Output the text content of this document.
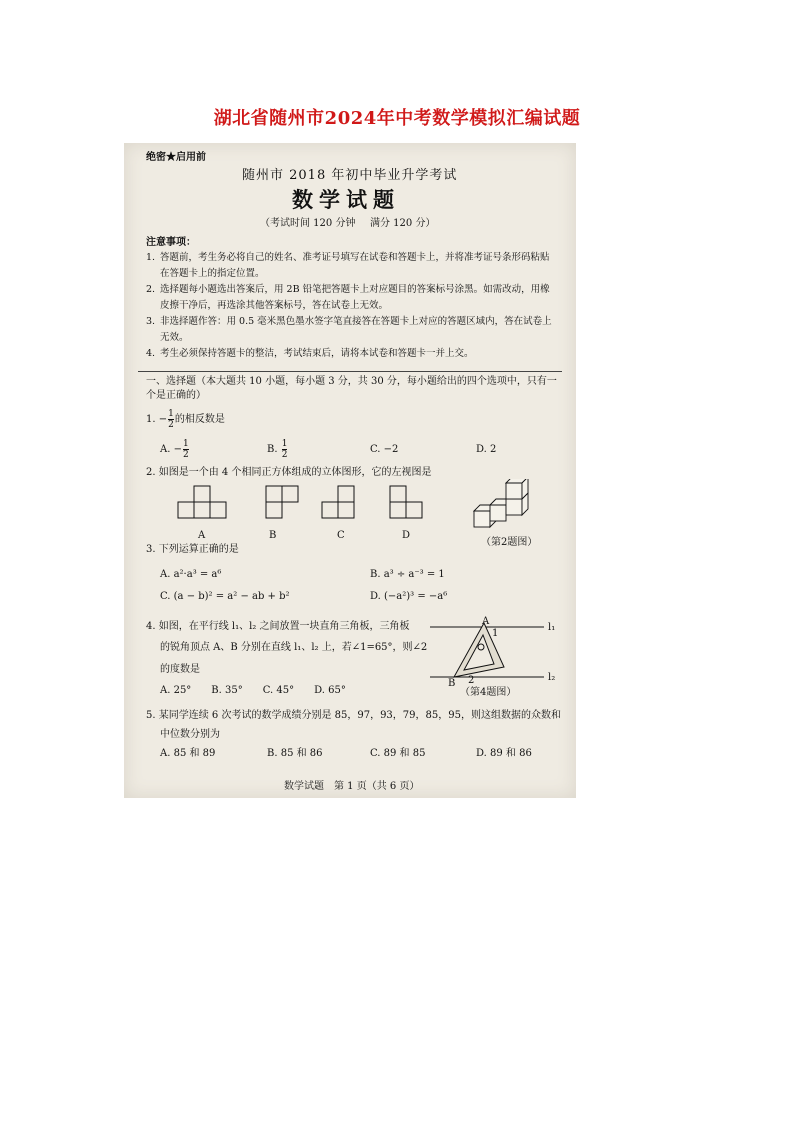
湖北省随州市2024年中考数学模拟汇编试题
绝密★启用前
随州市 2018 年初中毕业升学考试
数学试题
（考试时间 120 分钟 满分 120 分）
注意事项：
1. 答题前，考生务必将自己的姓名、准考证号填写在试卷和答题卡上，并将准考证号条形码粘贴在答题卡上的指定位置。
2. 选择题每小题选出答案后，用 2B 铅笔把答题卡上对应题目的答案标号涂黑。如需改动，用橡皮擦干净后，再选涂其他答案标号，答在试卷上无效。
3. 非选择题作答：用 0.5 毫米黑色墨水签字笔直接答在答题卡上对应的答题区域内，答在试卷上无效。
4. 考生必须保持答题卡的整洁，考试结束后，请将本试卷和答题卡一并上交。
一、选择题（本大题共 10 小题，每小题 3 分，共 30 分，每小题给出的四个选项中，只有一个是正确的）
1. − $\frac{1}{2}$ 的相反数是
A. − $\frac{1}{2}$	B. $\frac{1}{2}$	C. −2	D. 2
2. 如图是一个由 4 个相同正方体组成的立体图形，它的左视图是
A	B	C	D
（第2题图）
3. 下列运算正确的是
A. a²·a³ = a⁶	B. a³ ÷ a⁻³ = 1
C. (a − b)² = a² − ab + b²	D. (−a²)³ = −a⁶
4. 如图，在平行线 l₁、l₂ 之间放置一块直角三角板，三角板
的锐角顶点 A、B 分别在直线 l₁、l₂ 上，若∠1=65°，则∠2
的度数是
A. 25°　　B. 35°　　C. 45°　　D. 65°
A
1
l₁
2
B
l₂
（第4题图）
5. 某同学连续 6 次考试的数学成绩分别是 85，97，93，79，85，95，则这组数据的众数和
中位数分别为
A. 85 和 89	B. 85 和 86	C. 89 和 85	D. 89 和 86
数学试题　第 1 页（共 6 页）
